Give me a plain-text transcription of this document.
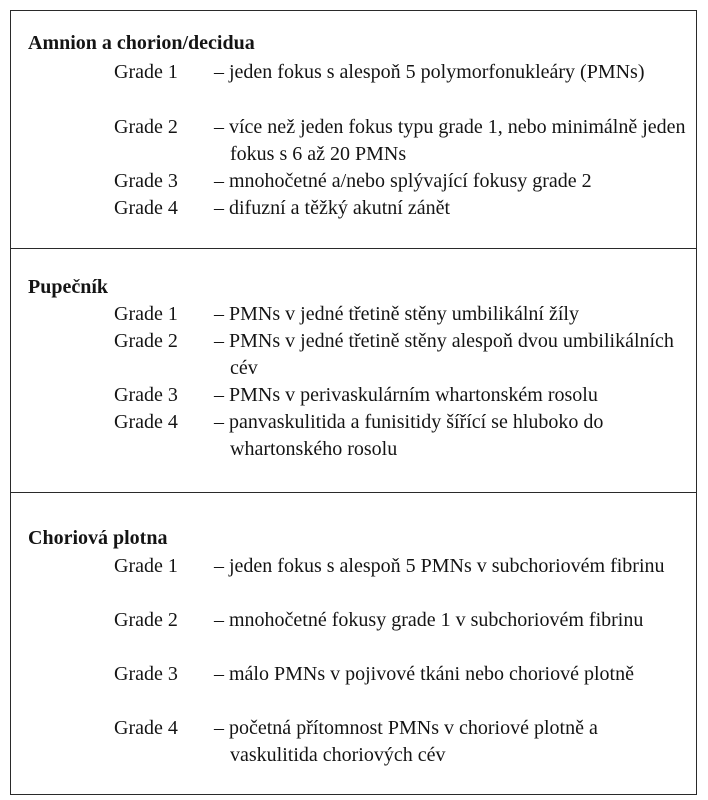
Amnion a chorion/decidua
Grade 1 – jeden fokus s alespoň 5 polymorfonukleáry (PMNs)
Grade 2 – více než jeden fokus typu grade 1, nebo minimálně jeden fokus s 6 až 20 PMNs
Grade 3 – mnohočetné a/nebo splývající fokusy grade 2
Grade 4 – difuzní a těžký akutní zánět
Pupečník
Grade 1 – PMNs v jedné třetině stěny umbilikální žíly
Grade 2 – PMNs v jedné třetině stěny alespoň dvou umbilikálních cév
Grade 3 – PMNs v perivaskulárním whartonském rosolu
Grade 4 – panvaskulitida a funisitidy šířící se hluboko do whartonského rosolu
Choriová plotna
Grade 1 – jeden fokus s alespoň 5 PMNs v subchoriovém fibrinu
Grade 2 – mnohočetné fokusy grade 1 v subchoriovém fibrinu
Grade 3 – málo PMNs v pojivové tkáni nebo choriové plotně
Grade 4 – početná přítomnost PMNs v choriové plotně a vaskulitida choriových cév
